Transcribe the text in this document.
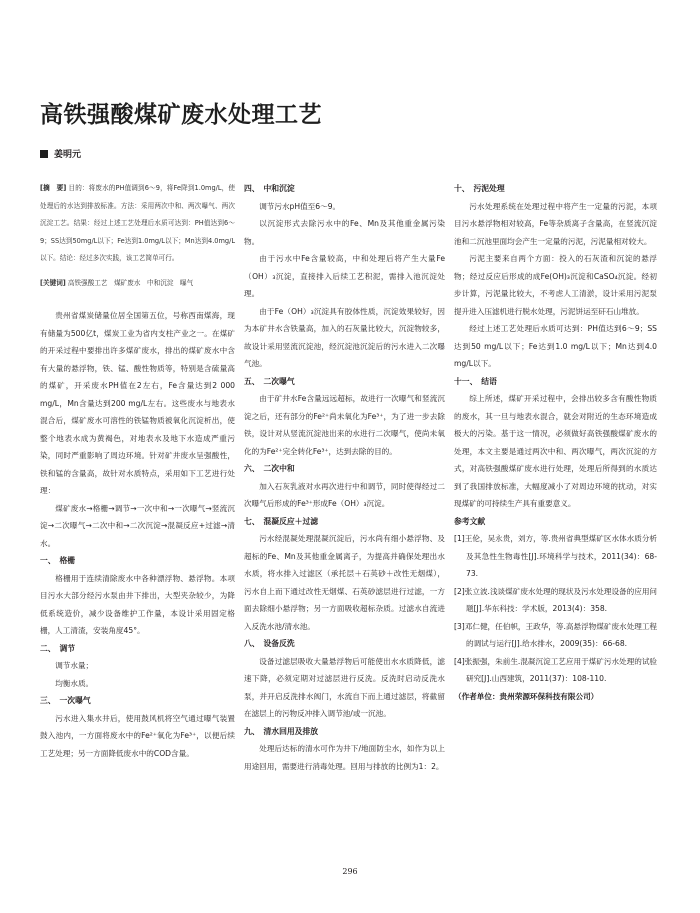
高铁强酸煤矿废水处理工艺
姜明元

[摘　要] 目的：将废水的PH值调到6～9，将Fe降到1.0mg/L，使处理后的水达到排放标准。方法：采用两次中和、两次曝气、两次沉淀工艺。结果：经过上述工艺处理后水质可达到：PH值达到6～9；SS达到50mg/L以下；Fe达到1.0mg/L以下；Mn达到4.0mg/L以下。结论：经过多次实践，该工艺简单可行。

[关键词] 高铁强酸工艺　煤矿废水　中和沉淀　曝气

贵州省煤炭储量位居全国第五位，号称西南煤海，现有储量为500亿t，煤炭工业为省内支柱产业之一。在煤矿的开采过程中要排出许多煤矿废水，排出的煤矿废水中含有大量的悬浮物，铁、锰、酸性物质等，特别是含硫量高的煤矿，开采废水PH值在2左右，Fe含量达到2 000 mg/L，Mn含量达到200 mg/L左右。这些废水与地表水混合后，煤矿废水可溶性的铁锰物质被氧化沉淀析出，使整个地表水成为黄褐色，对地表水及地下水造成严重污染，同时严重影响了周边环境。针对矿井废水呈强酸性，铁和锰的含量高，故针对水质特点，采用如下工艺进行处理：

煤矿废水→格栅→调节→一次中和→一次曝气→竖流沉淀→二次曝气→二次中和→二次沉淀→混凝反应+过滤→清水。

一、　格栅

格栅用于连续清除废水中各种漂浮物、悬浮物。本项目污水大部分经污水泵由井下排出，大型夹杂较少，为降低系统造价，减少设备维护工作量，本设计采用固定格栅，人工清渣，安装角度45°。

二、　调节

调节水量；

均衡水质。

三、　一次曝气

污水进入集水井后，使用鼓风机将空气通过曝气装置鼓入池内，一方面将废水中的Fe²⁺氧化为Fe³⁺，以便后续工艺处理；另一方面降低废水中的COD含量。

四、　中和沉淀

调节污水pH值至6～9。

以沉淀形式去除污水中的Fe、Mn及其他重金属污染物。

由于污水中Fe含量较高，中和处理后将产生大量Fe（OH）₃沉淀，直接排入后续工艺积泥，需排入池沉淀处理。

由于Fe（OH）₃沉淀具有胶体性质，沉淀效果较好，因为本矿井水含铁量高，加入的石灰量比较大，沉淀物较多，故设计采用竖流沉淀池，经沉淀池沉淀后的污水进入二次曝气池。

五、　二次曝气

由于矿井水Fe含量远远超标，故进行一次曝气和竖流沉淀之后，还有部分的Fe²⁺尚未氧化为Fe³⁺，为了进一步去除铁，设计对从竖流沉淀池出来的水进行二次曝气，使尚未氧化的为Fe²⁺完全转化Fe³⁺，达到去除的目的。

六、　二次中和

加入石灰乳液对水再次进行中和调节，同时使得经过二次曝气后形成的Fe³⁺形成Fe（OH）₃沉淀。

七、　混凝反应＋过滤

污水经混凝处理混凝沉淀后，污水尚有细小悬浮物、及超标的Fe、Mn及其他重金属离子，为提高并确保处理出水水质，将水排入过滤区（承托层＋石英砂＋改性无烟煤），污水自上而下通过改性无烟煤、石英砂滤层进行过滤，一方面去除细小悬浮物；另一方面吸收超标杂质。过滤水自流进入反洗水池/清水池。

八、　设备反洗

设备过滤层吸收大量悬浮物后可能使出水水质降低，滤速下降，必须定期对过滤层进行反洗。反洗时启动反洗水泵，并开启反洗排水阀门，水流自下而上通过滤层，将截留在滤层上的污物反冲排入调节池/或一沉池。

九、　清水回用及排放

处理后达标的清水可作为井下/地面防尘水，如作为以上用途回用，需要进行消毒处理。回用与排放的比例为1：2。

十、　污泥处理

污水处理系统在处理过程中将产生一定量的污泥，本项目污水悬浮物相对较高，Fe等杂质离子含量高，在竖流沉淀池和二沉池里面均会产生一定量的污泥，污泥量相对较大。

污泥主要来自两个方面：投入的石灰渣和沉淀的悬浮物；经过反应后形成的成Fe(OH)₃沉淀和CaSO₄沉淀。经初步计算，污泥量比较大，不考虑人工清淤，设计采用污泥泵提升进入压滤机进行脱水处理，污泥饼运至矸石山堆放。

经过上述工艺处理后水质可达到：PH值达到6～9；SS达到50 mg/L以下；Fe达到1.0 mg/L以下；Mn达到4.0 mg/L以下。

十一、　结语

综上所述，煤矿开采过程中，会排出较多含有酸性物质的废水，其一旦与地表水混合，就会对附近的生态环境造成极大的污染。基于这一情况，必须做好高铁强酸煤矿废水的处理，本文主要是通过两次中和、两次曝气，两次沉淀的方式，对高铁强酸煤矿废水进行处理，处理后所得到的水质达到了我国排放标准，大幅度减小了对周边环境的扰动，对实现煤矿的可持续生产具有重要意义。

参考文献

[1]王伦，吴永贵，刘方，等.贵州省典型煤矿区水体水质分析及其急性生物毒性[J].环境科学与技术，2011(34)：68-73.

[2]张立波.浅谈煤矿废水处理的现状及污水处理设备的应用问题[J].华东科技：学术版，2013(4)：358.

[3]邓仁健，任伯帜，王政华，等.高悬浮物煤矿废水处理工程的调试与运行[J].给水排水，2009(35)：66-68.

[4]张振强，朱前生.混凝沉淀工艺应用于煤矿污水处理的试验研究[J].山西建筑，2011(37)：108-110.

（作者单位：贵州荣源环保科技有限公司）

296
